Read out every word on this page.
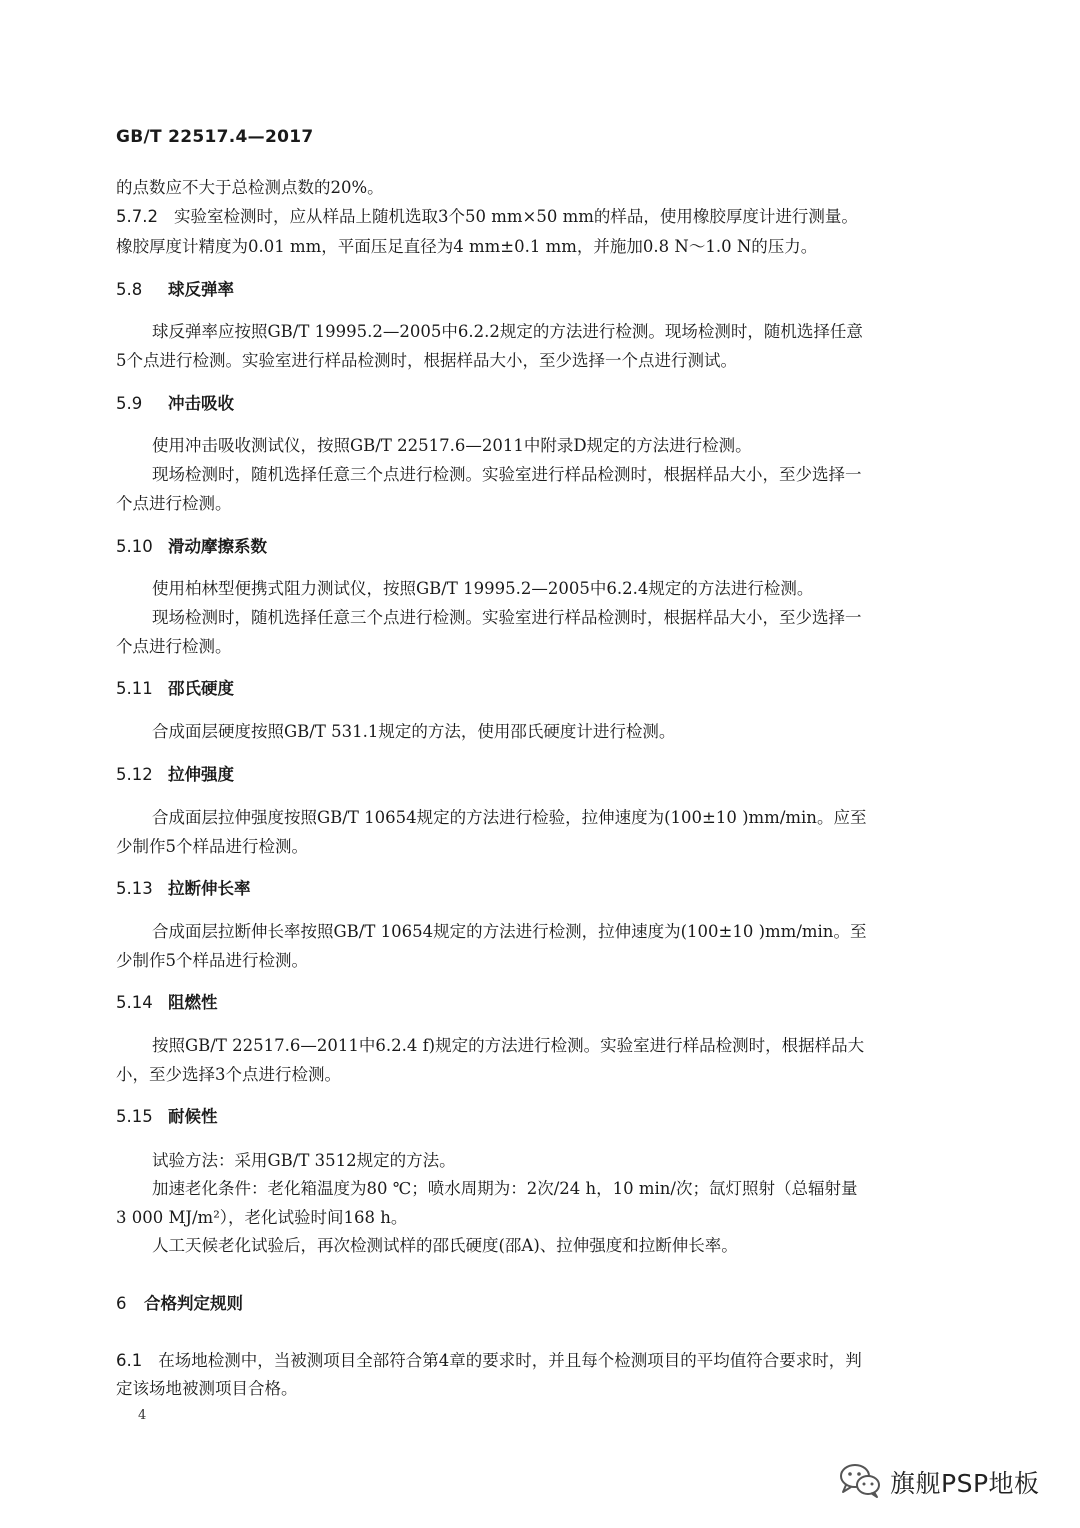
GB/T 22517.4—2017
的点数应不大于总检测点数的20%。
5.7.2 实验室检测时，应从样品上随机选取3个50 mm×50 mm的样品，使用橡胶厚度计进行测量。
橡胶厚度计精度为0.01 mm，平面压足直径为4 mm±0.1 mm，并施加0.8 N～1.0 N的压力。
5.8 球反弹率
球反弹率应按照GB/T 19995.2—2005中6.2.2规定的方法进行检测。现场检测时，随机选择任意
5个点进行检测。实验室进行样品检测时，根据样品大小，至少选择一个点进行测试。
5.9 冲击吸收
使用冲击吸收测试仪，按照GB/T 22517.6—2011中附录D规定的方法进行检测。
现场检测时，随机选择任意三个点进行检测。实验室进行样品检测时，根据样品大小，至少选择一
个点进行检测。
5.10 滑动摩擦系数
使用柏林型便携式阻力测试仪，按照GB/T 19995.2—2005中6.2.4规定的方法进行检测。
现场检测时，随机选择任意三个点进行检测。实验室进行样品检测时，根据样品大小，至少选择一
个点进行检测。
5.11 邵氏硬度
合成面层硬度按照GB/T 531.1规定的方法，使用邵氏硬度计进行检测。
5.12 拉伸强度
合成面层拉伸强度按照GB/T 10654规定的方法进行检验，拉伸速度为(100±10 )mm/min。应至
少制作5个样品进行检测。
5.13 拉断伸长率
合成面层拉断伸长率按照GB/T 10654规定的方法进行检测，拉伸速度为(100±10 )mm/min。至
少制作5个样品进行检测。
5.14 阻燃性
按照GB/T 22517.6—2011中6.2.4 f)规定的方法进行检测。实验室进行样品检测时，根据样品大
小，至少选择3个点进行检测。
5.15 耐候性
试验方法：采用GB/T 3512规定的方法。
加速老化条件：老化箱温度为80 ℃；喷水周期为：2次/24 h，10 min/次；氙灯照射（总辐射量
3 000 MJ/m²），老化试验时间168 h。
人工天候老化试验后，再次检测试样的邵氏硬度(邵A)、拉伸强度和拉断伸长率。
6 合格判定规则
6.1 在场地检测中，当被测项目全部符合第4章的要求时，并且每个检测项目的平均值符合要求时，判
定该场地被测项目合格。
4
旗舰PSP地板
